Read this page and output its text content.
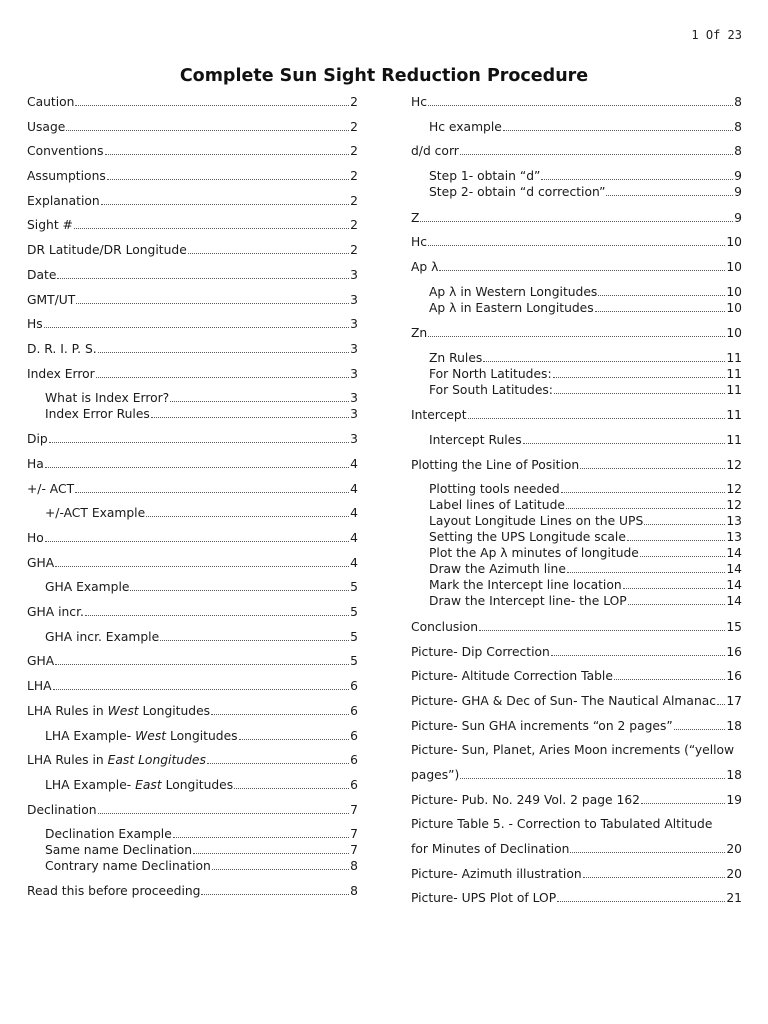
1 Of 23
Complete Sun Sight Reduction Procedure
Caution	2
Usage	2
Conventions	2
Assumptions	2
Explanation	2
Sight #	2
DR Latitude/DR Longitude	2
Date	3
GMT/UT	3
Hs	3
D. R. I. P. S.	3
Index Error	3
What is Index Error?	3
Index Error Rules	3
Dip	3
Ha	4
+/- ACT	4
+/-ACT Example	4
Ho	4
GHA	4
GHA Example	5
GHA incr.	5
GHA incr. Example	5
GHA	5
LHA	6
LHA Rules in West Longitudes	6
LHA Example- West Longitudes	6
LHA Rules in East Longitudes	6
LHA Example- East Longitudes	6
Declination	7
Declination Example	7
Same name Declination	7
Contrary name Declination	8
Read this before proceeding	8
Hc	8
Hc example	8
d/d corr	8
Step 1- obtain “d”	9
Step 2- obtain “d correction”	9
Z	9
Hc	10
Ap λ	10
Ap λ in Western Longitudes	10
Ap λ in Eastern Longitudes	10
Zn	10
Zn Rules	11
For North Latitudes:	11
For South Latitudes:	11
Intercept	11
Intercept Rules	11
Plotting the Line of Position	12
Plotting tools needed	12
Label lines of Latitude	12
Layout Longitude Lines on the UPS	13
Setting the UPS Longitude scale	13
Plot the Ap λ minutes of longitude	14
Draw the Azimuth line	14
Mark the Intercept line location	14
Draw the Intercept line- the LOP	14
Conclusion	15
Picture- Dip Correction	16
Picture- Altitude Correction Table	16
Picture- GHA & Dec of Sun- The Nautical Almanac 17
Picture- Sun GHA increments “on 2 pages”	18
Picture- Sun, Planet, Aries Moon increments (“yellow
pages”)	18
Picture- Pub. No. 249 Vol. 2 page 162	19
Picture Table 5. - Correction to Tabulated Altitude
for Minutes of Declination	20
Picture- Azimuth illustration	20
Picture- UPS Plot of LOP	21
